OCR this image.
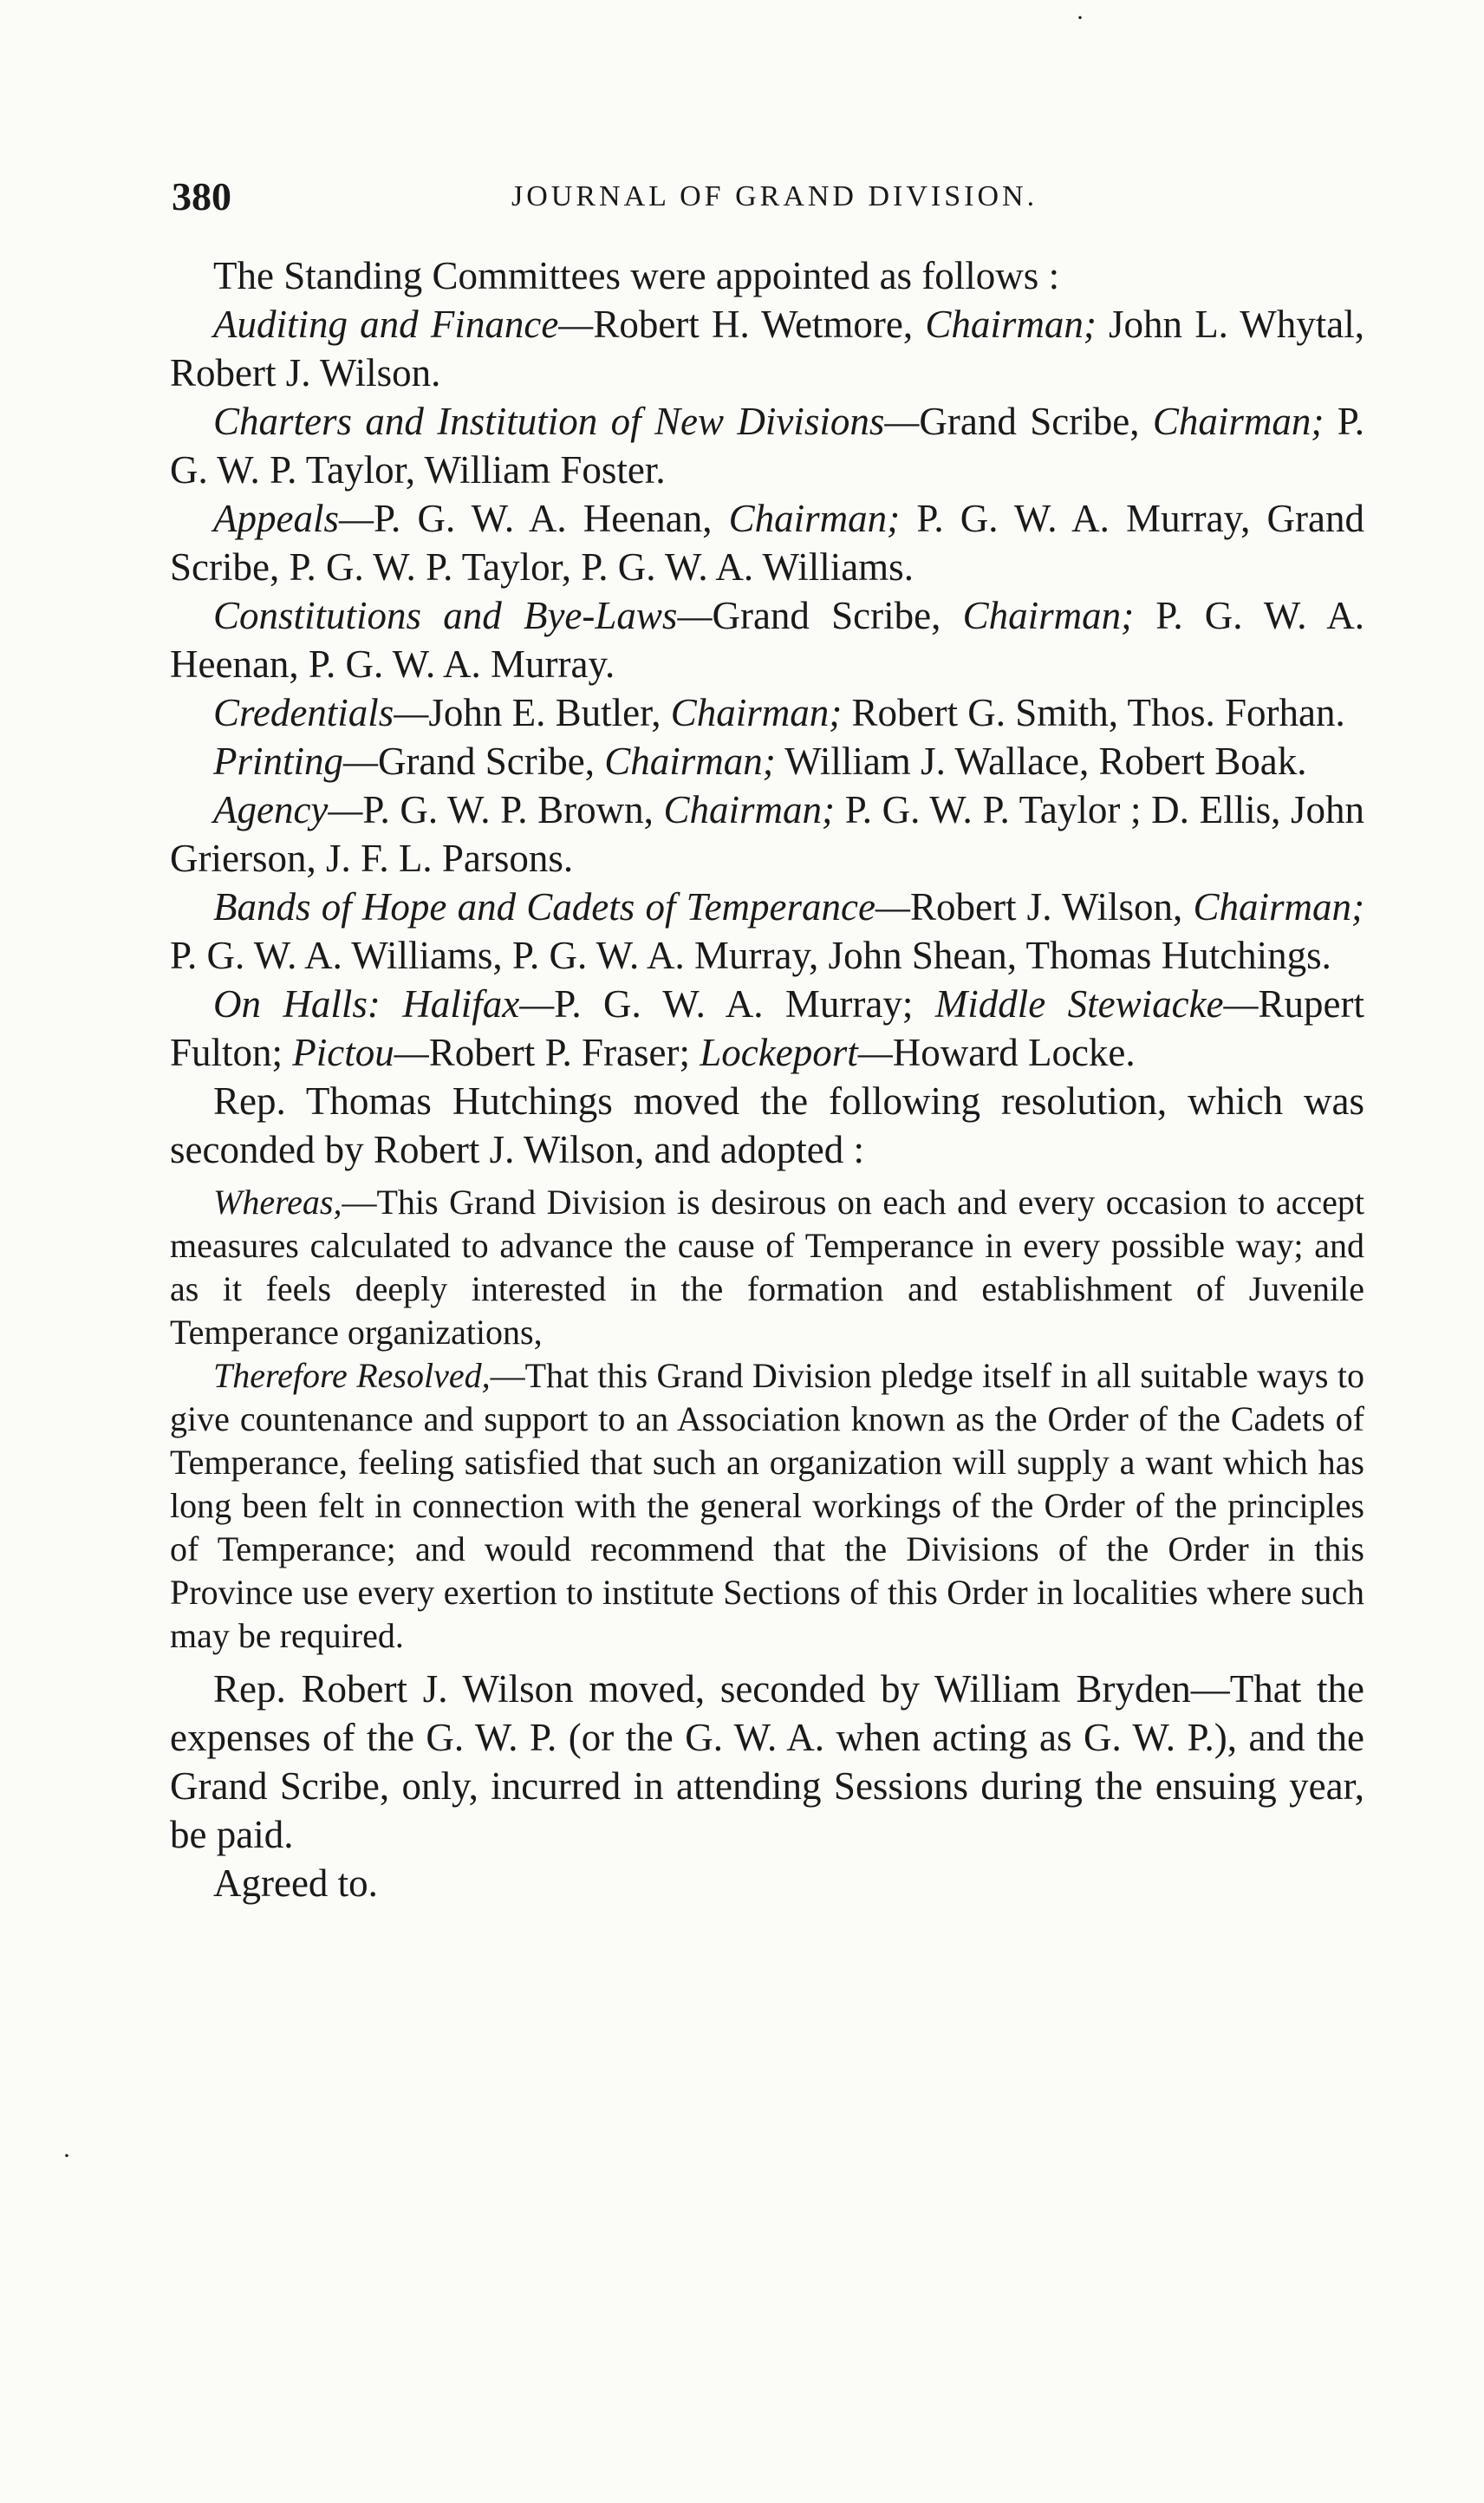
380	JOURNAL OF GRAND DIVISION.

The Standing Committees were appointed as follows :

Auditing and Finance—Robert H. Wetmore, Chairman; John L. Whytal, Robert J. Wilson.

Charters and Institution of New Divisions—Grand Scribe, Chairman; P. G. W. P. Taylor, William Foster.

Appeals—P. G. W. A. Heenan, Chairman; P. G. W. A. Murray, Grand Scribe, P. G. W. P. Taylor, P. G. W. A. Williams.

Constitutions and Bye-Laws—Grand Scribe, Chairman; P. G. W. A. Heenan, P. G. W. A. Murray.

Credentials—John E. Butler, Chairman; Robert G. Smith, Thos. Forhan.

Printing—Grand Scribe, Chairman; William J. Wallace, Robert Boak.

Agency—P. G. W. P. Brown, Chairman; P. G. W. P. Taylor ; D. Ellis, John Grierson, J. F. L. Parsons.

Bands of Hope and Cadets of Temperance—Robert J. Wilson, Chairman; P. G. W. A. Williams, P. G. W. A. Murray, John Shean, Thomas Hutchings.

On Halls: Halifax—P. G. W. A. Murray; Middle Stewiacke—Rupert Fulton; Pictou—Robert P. Fraser; Lockeport—Howard Locke.

Rep. Thomas Hutchings moved the following resolution, which was seconded by Robert J. Wilson, and adopted :

Whereas,—This Grand Division is desirous on each and every occasion to accept measures calculated to advance the cause of Temperance in every possible way; and as it feels deeply interested in the formation and establishment of Juvenile Temperance organizations,

Therefore Resolved,—That this Grand Division pledge itself in all suitable ways to give countenance and support to an Association known as the Order of the Cadets of Temperance, feeling satisfied that such an organization will supply a want which has long been felt in connection with the general workings of the Order of the principles of Temperance; and would recommend that the Divisions of the Order in this Province use every exertion to institute Sections of this Order in localities where such may be required.

Rep. Robert J. Wilson moved, seconded by William Bryden—That the expenses of the G. W. P. (or the G. W. A. when acting as G. W. P.), and the Grand Scribe, only, incurred in attending Sessions during the ensuing year, be paid.

Agreed to.

·
·
